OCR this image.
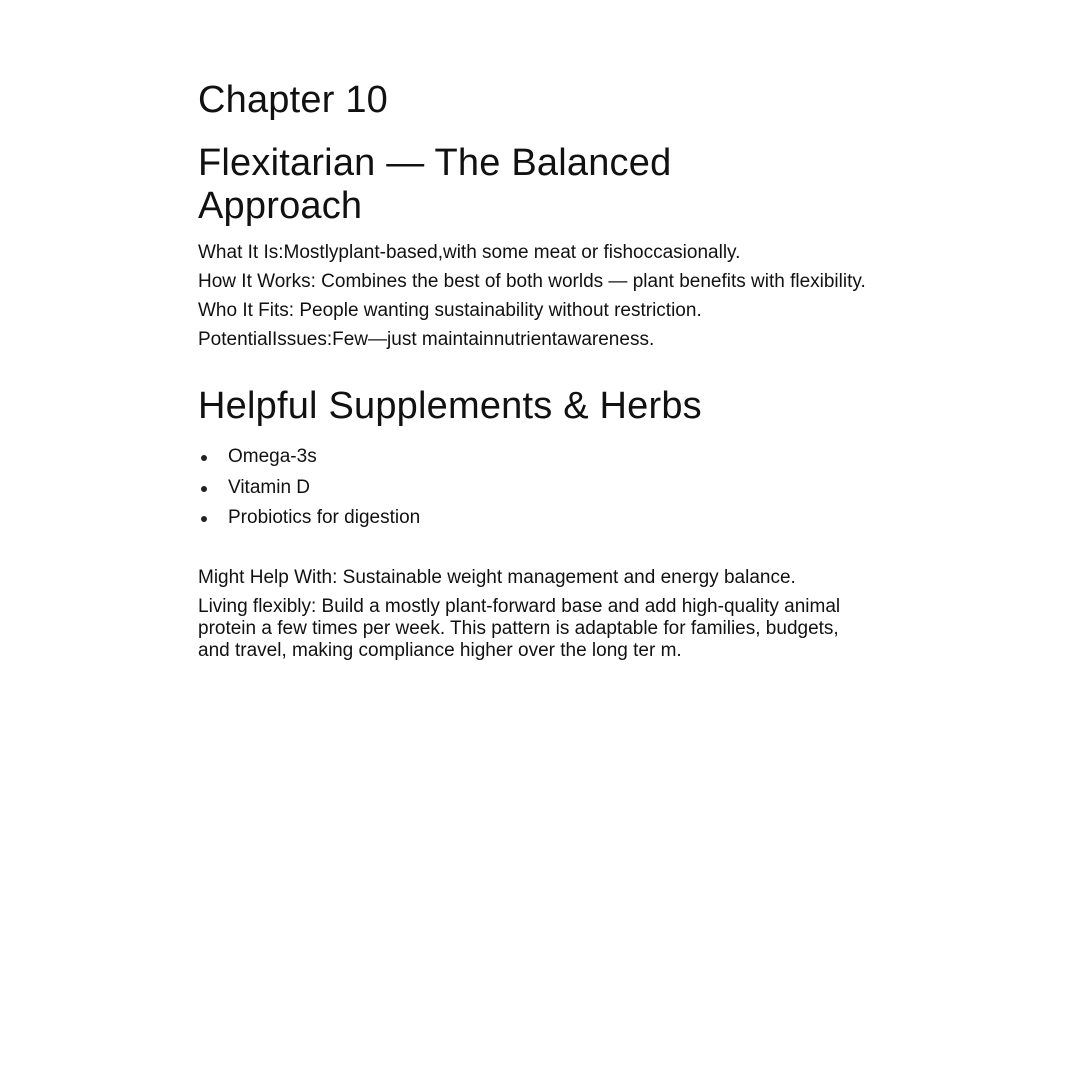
Chapter 10
Flexitarian — The Balanced Approach

What It Is:Mostlyplant-based,with some meat or fishoccasionally.

How It Works: Combines the best of both worlds — plant benefits with flexibility.

Who It Fits: People wanting sustainability without restriction.

PotentialIssues:Few—just maintainnutrientawareness.

Helpful Supplements & Herbs
Omega-3s
Vitamin D
Probiotics for digestion

Might Help With: Sustainable weight management and energy balance.

Living flexibly: Build a mostly plant-forward base and add high-quality animal protein a few times per week. This pattern is adaptable for families, budgets, and travel, making compliance higher over the long ter m.
